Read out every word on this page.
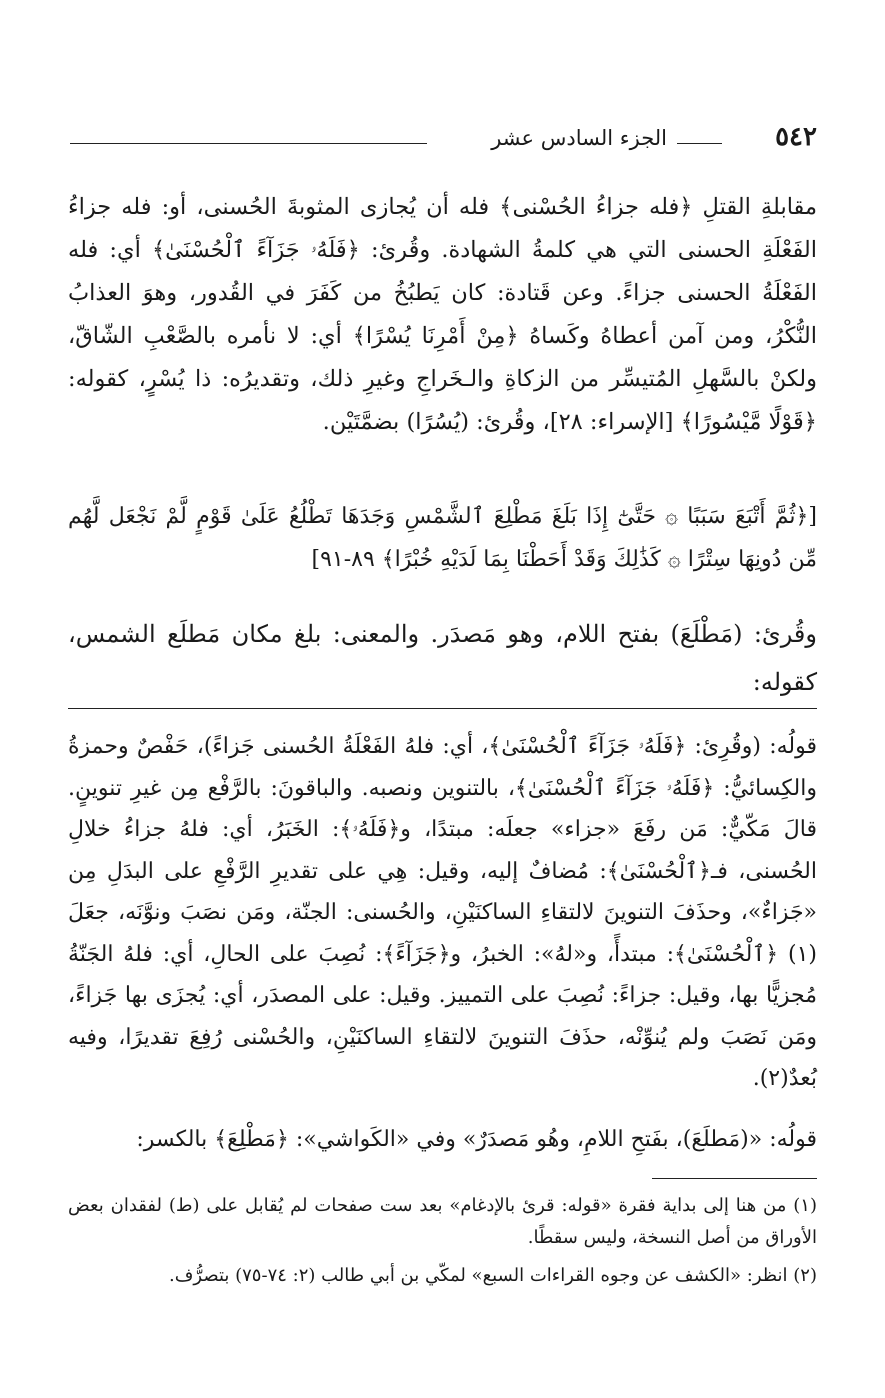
٥٤٢
الجزء السادس عشر

مقابلةِ القتلِ ﴿فله جزاءُ الحُسْنى﴾ فله أن يُجازى المثوبةَ الحُسنى، أو: فله جزاءُ الفَعْلَةِ الحسنى التي هي كلمةُ الشهادة. وقُرئ: ﴿فَلَهُۥ جَزَآءً ٱلْحُسْنَىٰ﴾ أي: فله الفَعْلَةُ الحسنى جزاءً. وعن قَتادة: كان يَطبُخُ من كَفَرَ في القُدور، وهوَ العذابُ النُّكْرُ، ومن آمن أعطاهُ وكَساهُ ﴿مِنْ أَمْرِنَا يُسْرًا﴾ أي: لا نأمره بالصَّعْبِ الشّاقّ، ولكنْ بالسَّهلِ المُتيسِّر من الزكاةِ والـخَراجِ وغيرِ ذلك، وتقديرُه: ذا يُسْرٍ، كقوله: ﴿قَوْلًا مَّيْسُورًا﴾ [الإسراء: ٢٨]، وقُرئ: (يُسُرًا) بضمَّتَيْن.

[﴿ثُمَّ أَتْبَعَ سَبَبًا ۞ حَتَّىٰٓ إِذَا بَلَغَ مَطْلِعَ ٱلشَّمْسِ وَجَدَهَا تَطْلُعُ عَلَىٰ قَوْمٍ لَّمْ نَجْعَل لَّهُم مِّن دُونِهَا سِتْرًا ۞ كَذَٰلِكَ وَقَدْ أَحَطْنَا بِمَا لَدَيْهِ خُبْرًا﴾ ٨٩-٩١]

وقُرئ: (مَطْلَعَ) بفتح اللام، وهو مَصدَر. والمعنى: بلغ مكان مَطلَع الشمس، كقوله:

قولُه: (وقُرِئ: ﴿فَلَهُۥ جَزَآءً ٱلْحُسْنَىٰ﴾، أي: فلهُ الفَعْلَةُ الحُسنى جَزاءً)، حَفْصٌ وحمزةُ والكِسائيُّ: ﴿فَلَهُۥ جَزَآءً ٱلْحُسْنَىٰ﴾، بالتنوين ونصبه. والباقونَ: بالرَّفْع مِن غيرِ تنوينٍ. قالَ مَكّيٌّ: مَن رفَعَ «جزاء» جعلَه: مبتدًا، و﴿فَلَهُۥ﴾: الخَبَرُ، أي: فلهُ جزاءُ خلالِ الحُسنى، فـ﴿ٱلْحُسْنَىٰ﴾: مُضافٌ إليه، وقيل: هِي على تقديرِ الرَّفْعِ على البدَلِ مِن «جَزاءٌ»، وحذَفَ التنوينَ لالتقاءِ الساكنَيْنِ، والحُسنى: الجنّة، ومَن نصَبَ ونوَّنَه، جعَلَ (١) ﴿ٱلْحُسْنَىٰ﴾: مبتدأً، و«لهُ»: الخبرُ، و﴿جَزَآءً﴾: نُصِبَ على الحالِ، أي: فلهُ الجَنّةُ مُجزيًّا بها، وقيل: جزاءً: نُصِبَ على التمييز. وقيل: على المصدَر، أي: يُجزَى بها جَزاءً، ومَن نَصَبَ ولم يُنوِّنْه، حذَفَ التنوينَ لالتقاءِ الساكنَيْنِ، والحُسْنى رُفِعَ تقديرًا، وفيه بُعدٌ(٢).

قولُه: «(مَطلَعَ)، بفَتحِ اللامِ، وهُو مَصدَرٌ» وفي «الكَواشي»: ﴿مَطْلِعَ﴾ بالكسر:

(١) من هنا إلى بداية فقرة «قوله: قرئ بالإدغام» بعد ست صفحات لم يُقابل على (ط) لفقدان بعض الأوراق من أصل النسخة، وليس سقطًا.

(٢) انظر: «الكشف عن وجوه القراءات السبع» لمكّي بن أبي طالب (٢: ٧٤-٧٥) بتصرُّف.
